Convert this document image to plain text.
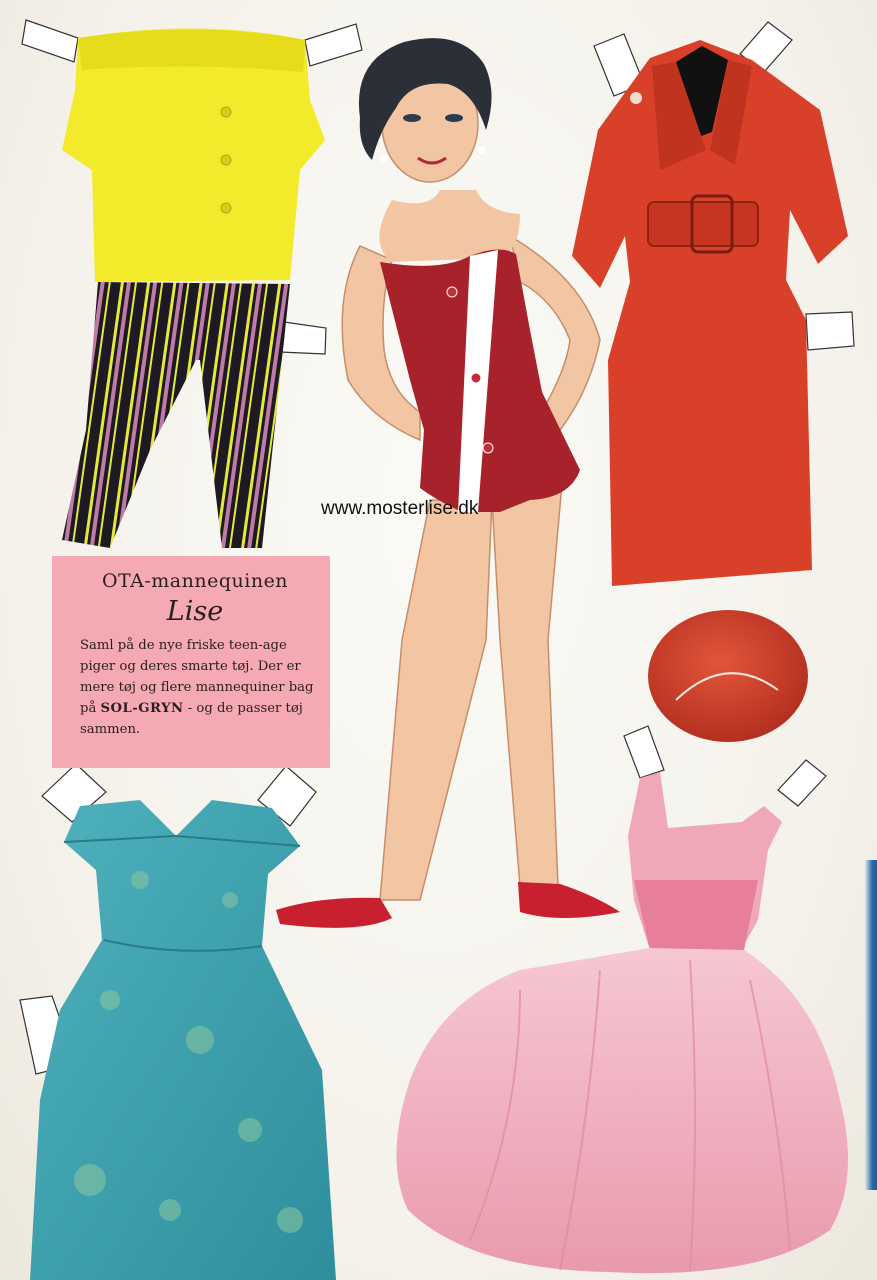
OTA-mannequinen
Lise

Saml på de nye friske teen-age piger og deres smarte tøj. Der er mere tøj og flere mannequiner bag på SOL-GRYN - og de passer tøj sammen.

www.mosterlise.dk
